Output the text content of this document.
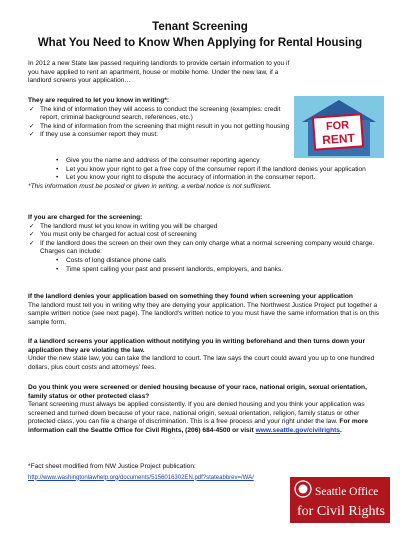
Tenant Screening
What You Need to Know When Applying for Rental Housing
In 2012 a new State law passed requiring landlords to provide certain information to you if you have applied to rent an apartment, house or mobile home. Under the new law, if a landlord screens your application…
FOR
RENT
They are required to let you know in writing*:
✓ The kind of information they will access to conduct the screening (examples: credit report, criminal background search, references, etc.)
✓ The kind of information from the screening that might result in you not getting housing
✓ If they use a consumer report they must:
• Give you the name and address of the consumer reporting agency
• Let you know your right to get a free copy of the consumer report if the landlord denies your application
• Let you know your right to dispute the accuracy of information in the consumer report.
*This information must be posted or given in writing, a verbal notice is not sufficient.
If you are charged for the screening:
✓ The landlord must let you know in writing you will be charged
✓ You must only be charged for actual cost of screening
✓ If the landlord does the screen on their own they can only charge what a normal screening company would charge. Charges can include:
• Costs of long distance phone calls
• Time spent calling your past and present landlords, employers, and banks.
If the landlord denies your application based on something they found when screening your application
The landlord must tell you in writing why they are denying your application. The Northwest Justice Project put together a sample written notice (see next page). The landlord's written notice to you must have the same information that is on this sample form.
If a landlord screens your application without notifying you in writing beforehand and then turns down your application they are violating the law.
Under the new state law, you can take the landlord to court. The law says the court could award you up to one hundred dollars, plus court costs and attorneys' fees.
Do you think you were screened or denied housing because of your race, national origin, sexual orientation, family status or other protected class?
Tenant screening must always be applied consistently. If you are denied housing and you think your application was screened and turned down because of your race, national origin, sexual orientation, religion, family status or other protected class, you can file a charge of discrimination. This is a free process and your right under the law. For more information call the Seattle Office for Civil Rights, (206) 684-4500 or visit www.seattle.gov/civilrights.
*Fact sheet modified from NW Justice Project publication:
http://www.washingtonlawhelp.org/documents/5156016302EN.pdf?stateabbrev=/WA/
Seattle Office
for Civil Rights
